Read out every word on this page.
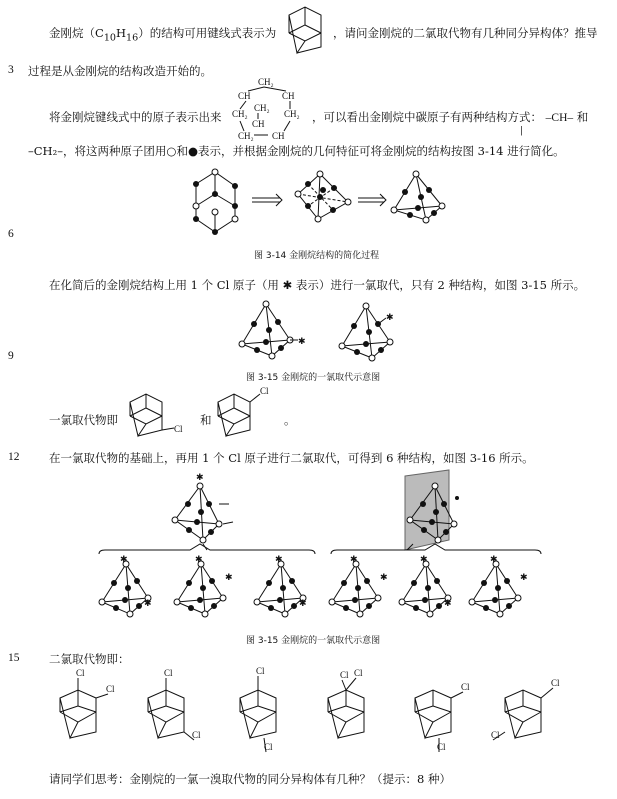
3
6
9
12
15
金刚烷$(C_{10}H_{16})$的结构可用键线式表示为	，请问金刚烷的二氯取代物有几种同分异构体？推导
过程是从金刚烷的结构改造开始的。
将金刚烷键线式中的原子表示出来
CH₂
CH	CH
CH₂
CH₂	CH₂
CH
CH₂ CH
，可以看出金刚烷中碳原子有两种结构方式： –CH– 和
|
–CH₂–，将这两种原子团用○和●表示，并根据金刚烷的几何特征可将金刚烷的结构按图 3-14 进行简化。
图 3-14 金刚烷结构的简化过程
在化简后的金刚烷结构上用 1 个 Cl 原子（用 ✱ 表示）进行一氯取代，只有 2 种结构，如图 3-15 所示。
✱
✱
图 3-15 金刚烷的一氯取代示意图
一氯取代物即
Cl
和
Cl
。
在一氯取代物的基础上，再用 1 个 Cl 原子进行二氯取代，可得到 6 种结构，如图 3-16 所示。
✱
✱
✱
✱
✱
✱
✱
✱
✱
✱
✱
✱
✱
图 3-15 金刚烷的一氯取代示意图
二氯取代物即：
Cl
Cl
Cl
Cl
Cl
Cl
Cl Cl
Cl
Cl
Cl
Cl
请同学们思考：金刚烷的一氯一溴取代物的同分异构体有几种？（提示：8 种）
